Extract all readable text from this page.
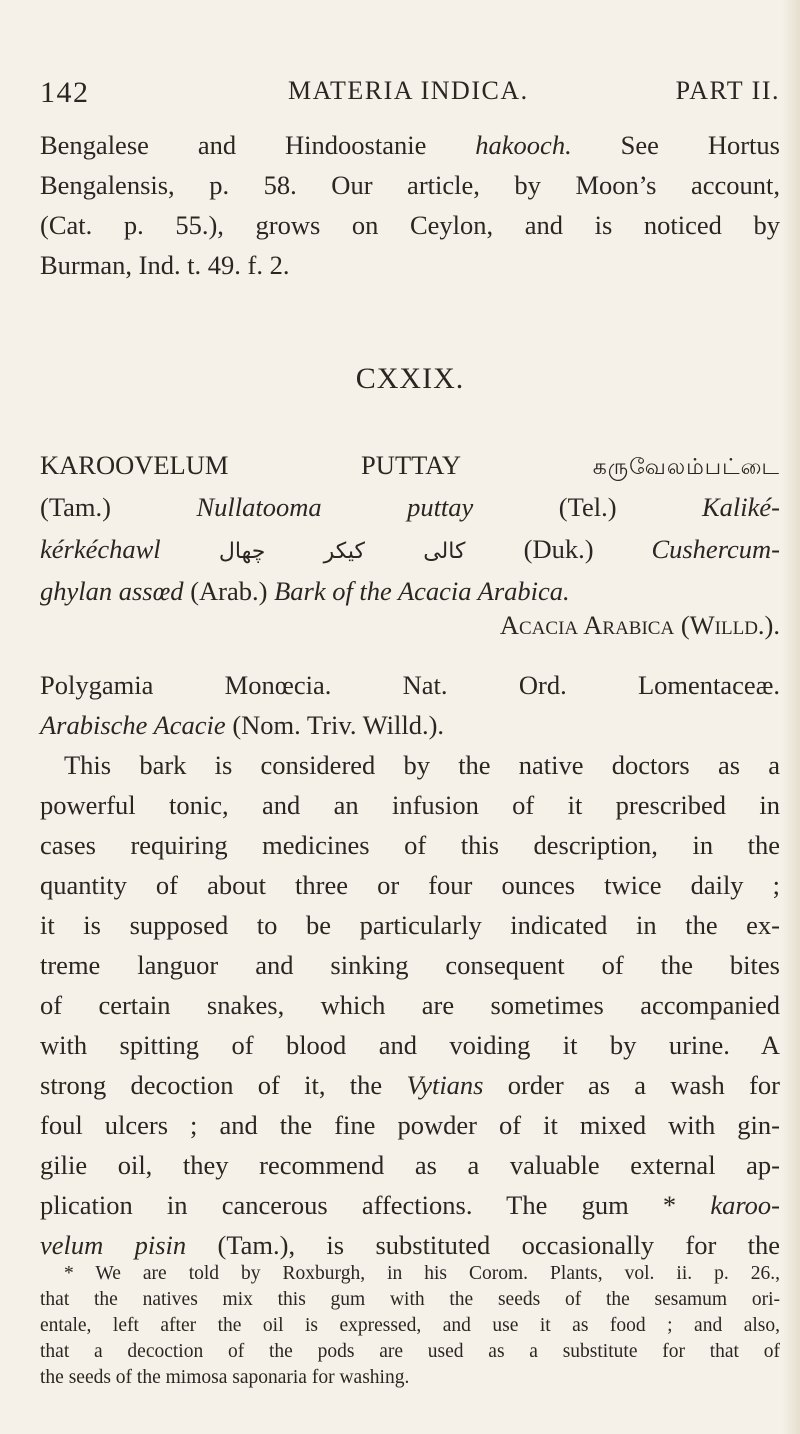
142	MATERIA INDICA.	PART II.
Bengalese and Hindoostanie hakooch. See Hortus
Bengalensis, p. 58. Our article, by Moon’s account,
(Cat. p. 55.), grows on Ceylon, and is noticed by
Burman, Ind. t. 49. f. 2.
CXXIX.
KAROOVELUM PUTTAY கருவேலம்பட்டை
(Tam.) Nullatooma puttay (Tel.) Kaliké-
kérkéchawl کالی کیکر چھال (Duk.) Cushercum-
ghylan assœd (Arab.) Bark of the Acacia Arabica.
Acacia Arabica (Willd.).
Polygamia Monœcia. Nat. Ord. Lomentaceæ.
Arabische Acacie (Nom. Triv. Willd.).
This bark is considered by the native doctors as a
powerful tonic, and an infusion of it prescribed in
cases requiring medicines of this description, in the
quantity of about three or four ounces twice daily ;
it is supposed to be particularly indicated in the ex-
treme languor and sinking consequent of the bites
of certain snakes, which are sometimes accompanied
with spitting of blood and voiding it by urine. A
strong decoction of it, the Vytians order as a wash for
foul ulcers ; and the fine powder of it mixed with gin-
gilie oil, they recommend as a valuable external ap-
plication in cancerous affections. The gum * karoo-
velum pisin (Tam.), is substituted occasionally for the
* We are told by Roxburgh, in his Corom. Plants, vol. ii. p. 26.,
that the natives mix this gum with the seeds of the sesamum ori-
entale, left after the oil is expressed, and use it as food ; and also,
that a decoction of the pods are used as a substitute for that of
the seeds of the mimosa saponaria for washing.
